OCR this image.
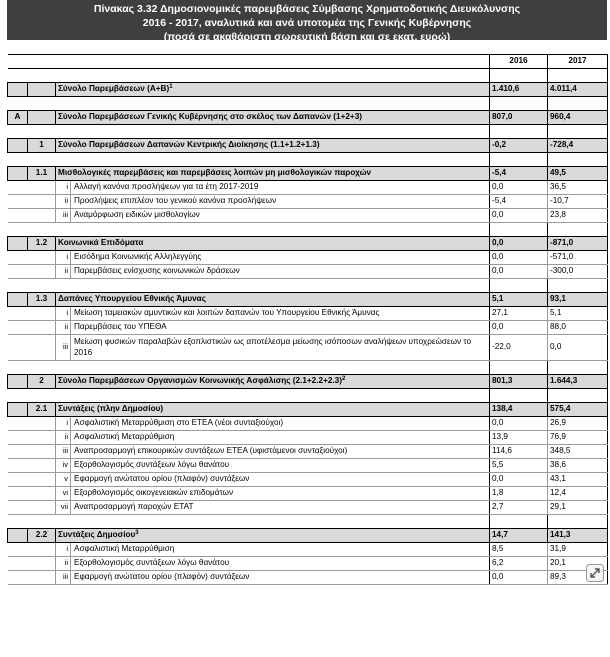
Πίνακας 3.32 Δημοσιονομικές παρεμβάσεις Σύμβασης Χρηματοδοτικής Διευκόλυνσης
2016 - 2017, αναλυτικά και ανά υποτομέα της Γενικής Κυβέρνησης
(ποσά σε ακαθάριστη σωρευτική βάση και σε εκατ. ευρώ)

				2016	2017

		Σύνολο Παρεμβάσεων $(A+B)^1$		1.410,6	4.011,4

Α		Σύνολο Παρεμβάσεων Γενικής Κυβέρνησης στο σκέλος των Δαπανών (1+2+3)		807,0	960,4

	1	Σύνολο Παρεμβάσεων Δαπανών Κεντρικής Διοίκησης (1.1+1.2+1.3)		-0,2	-728,4

	1.1	Μισθολογικές παρεμβάσεις και παρεμβάσεις λοιπών μη μισθολογικών παροχών		-5,4	49,5
		i	Αλλαγή κανόνα προσλήψεων για τα έτη 2017-2019	0,0	36,5
		ii	Προσλήψεις επιπλέον του γενικού κανόνα προσλήψεων	-5,4	-10,7
		iii	Αναμόρφωση ειδικών μισθολογίων	0,0	23,8

	1.2	Κοινωνικά Επιδόματα		0,0	-871,0
		i	Εισόδημα Κοινωνικής Αλληλεγγύης	0,0	-571,0
		ii	Παρεμβάσεις ενίσχυσης κοινωνικών δράσεων	0,0	-300,0

	1.3	Δαπάνες Υπουργείου Εθνικής Άμυνας		5,1	93,1
		i	Μείωση ταμειακών αμυντικών και λοιπών δαπανών του Υπουργείου Εθνικής Άμυνας	27,1	5,1
		ii	Παρεμβάσεις του ΥΠΕΘΑ	0,0	88,0
		iii	Μείωση φυσικών παραλαβών εξοπλιστικών ως αποτέλεσμα μείωσης ισόποσων αναλήψεων υποχρεώσεων το 2016	-22,0	0,0

	2	Σύνολο Παρεμβάσεων Οργανισμών Κοινωνικής Ασφάλισης $(2.1+2.2+2.3)^2$		801,3	1.644,3

	2.1	Συντάξεις (πλην Δημοσίου)		138,4	575,4
		i	Ασφαλιστική Μεταρρύθμιση στο ΕΤΕΑ (νέοι συνταξιούχοι)	0,0	26,9
		ii	Ασφαλιστική Μεταρρύθμιση	13,9	76,9
		iii	Αναπροσαρμογή επικουρικών συντάξεων ΕΤΕΑ (υφιστάμενοι συνταξιούχοι)	114,6	348,5
		iv	Εξορθολογισμός συντάξεων λόγω θανάτου	5,5	38,6
		v	Εφαρμογή ανώτατου ορίου (πλαφόν) συντάξεων	0,0	43,1
		vi	Εξορθολογισμός οικογενειακών επιδομάτων	1,8	12,4
		vii	Αναπροσαρμογή παροχών ΕΤΑΤ	2,7	29,1

	2.2	Συντάξεις Δημοσίου$^3$		14,7	141,3
		i	Ασφαλιστική Μεταρρύθμιση	8,5	31,9
		ii	Εξορθολογισμός συντάξεων λόγω θανάτου	6,2	20,1
		iii	Εφαρμογή ανώτατου ορίου (πλαφόν) συντάξεων	0,0	89,3
